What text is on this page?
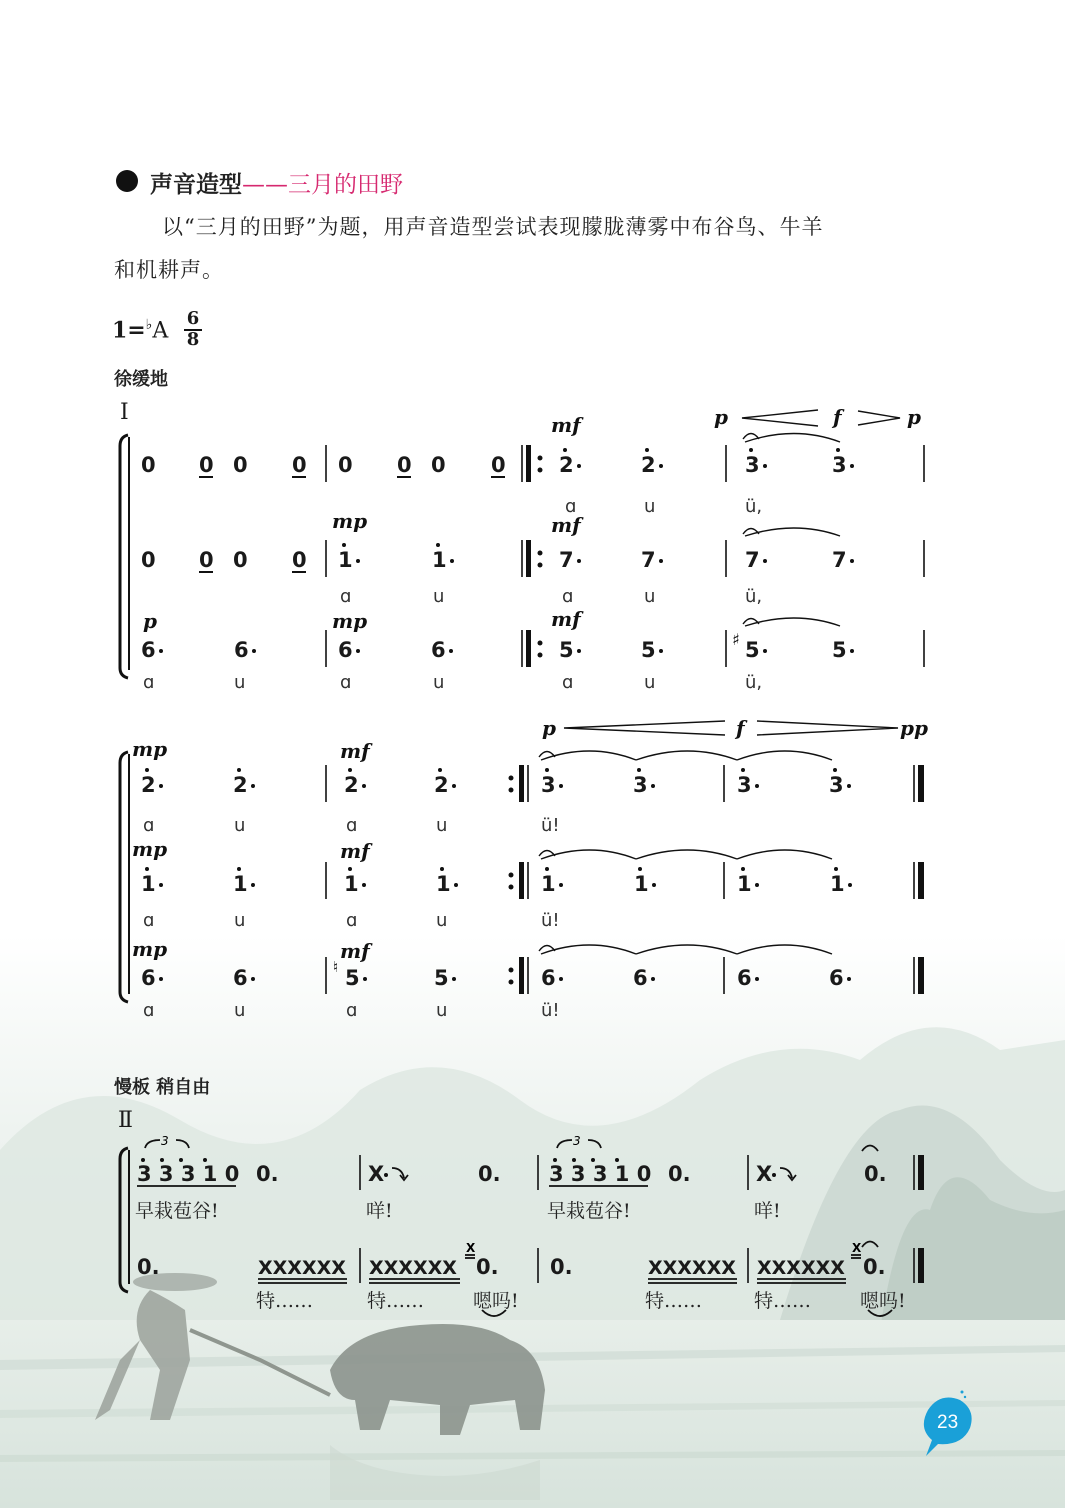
声音造型——三月的田野
以“三月的田野”为题，用声音造型尝试表现朦胧薄雾中布谷鸟、牛羊
和机耕声。
1=♭A 6
8
徐缓地
Ⅰ
慢板 稍自由
Ⅱ
0 0 0 0 0 0 0 0	2	2	3	3
ɑ	u	ü,
mf	p	f	p
0 0 0 0 1	1	7	7	7	7
ɑ	u	ɑ	u	ü,
mp	mf
6	6	6	6	5	5	5	5
♯
ɑ	u	ɑ	u	ɑ	u	ü,
p	mp	mf
2	2	2	2	3	3	3	3
ɑ	u	ɑ	u	ü!
mp	mf
p	f	pp
1	1	1	1	1	1	1	1
ɑ	u	ɑ	u	ü!
mp	mf
6	6	5	5	6	6	6	6
♮
ɑ	u	ɑ	u	ü!
mp	mf
3 3 3 1 0 0.	X	0. 3 3 3 1 0 0.	X	0.
3	3
早栽苞谷!	咩!	早栽苞谷!	咩!
0.	XXXXXX XXXXXX 0. 0.	XXXXXX XXXXXX 0.
X	X
特……	特……	嗯吗!	特……	特……	嗯吗!
23
